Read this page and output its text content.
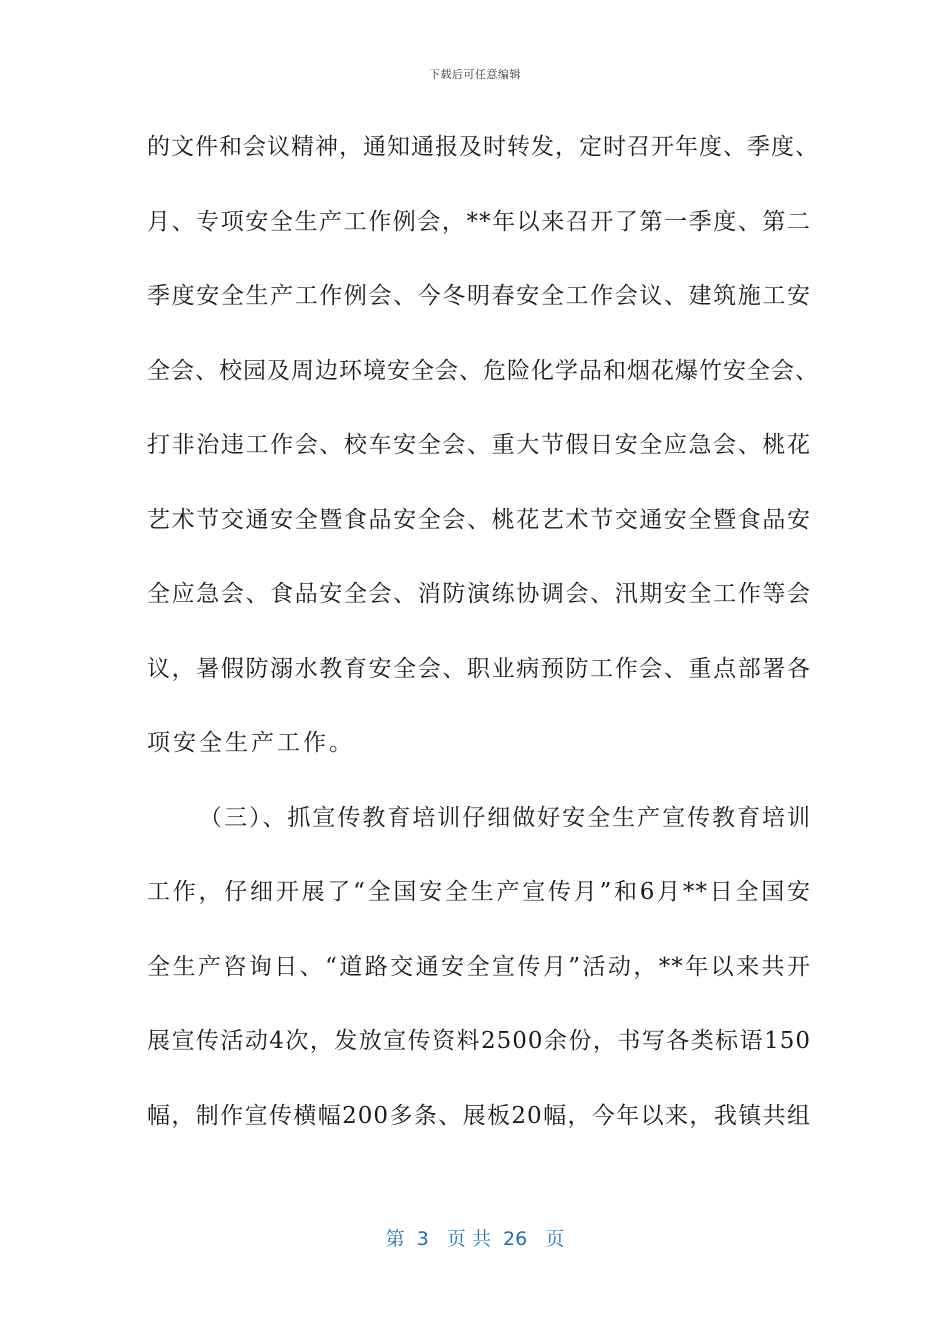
下载后可任意编辑
的文件和会议精神，通知通报及时转发，定时召开年度、季度、
月、专项安全生产工作例会，**年以来召开了第一季度、第二
季度安全生产工作例会、今冬明春安全工作会议、建筑施工安
全会、校园及周边环境安全会、危险化学品和烟花爆竹安全会、
打非治违工作会、校车安全会、重大节假日安全应急会、桃花
艺术节交通安全暨食品安全会、桃花艺术节交通安全暨食品安
全应急会、食品安全会、消防演练协调会、汛期安全工作等会
议，暑假防溺水教育安全会、职业病预防工作会、重点部署各
项安全生产工作。
（三）、抓宣传教育培训仔细做好安全生产宣传教育培训
工作，仔细开展了“全国安全生产宣传月”和6月**日全国安
全生产咨询日、“道路交通安全宣传月”活动，**年以来共开
展宣传活动4次，发放宣传资料2500余份，书写各类标语150
幅，制作宣传横幅200多条、展板20幅，今年以来，我镇共组
第  3   页 共  26   页
